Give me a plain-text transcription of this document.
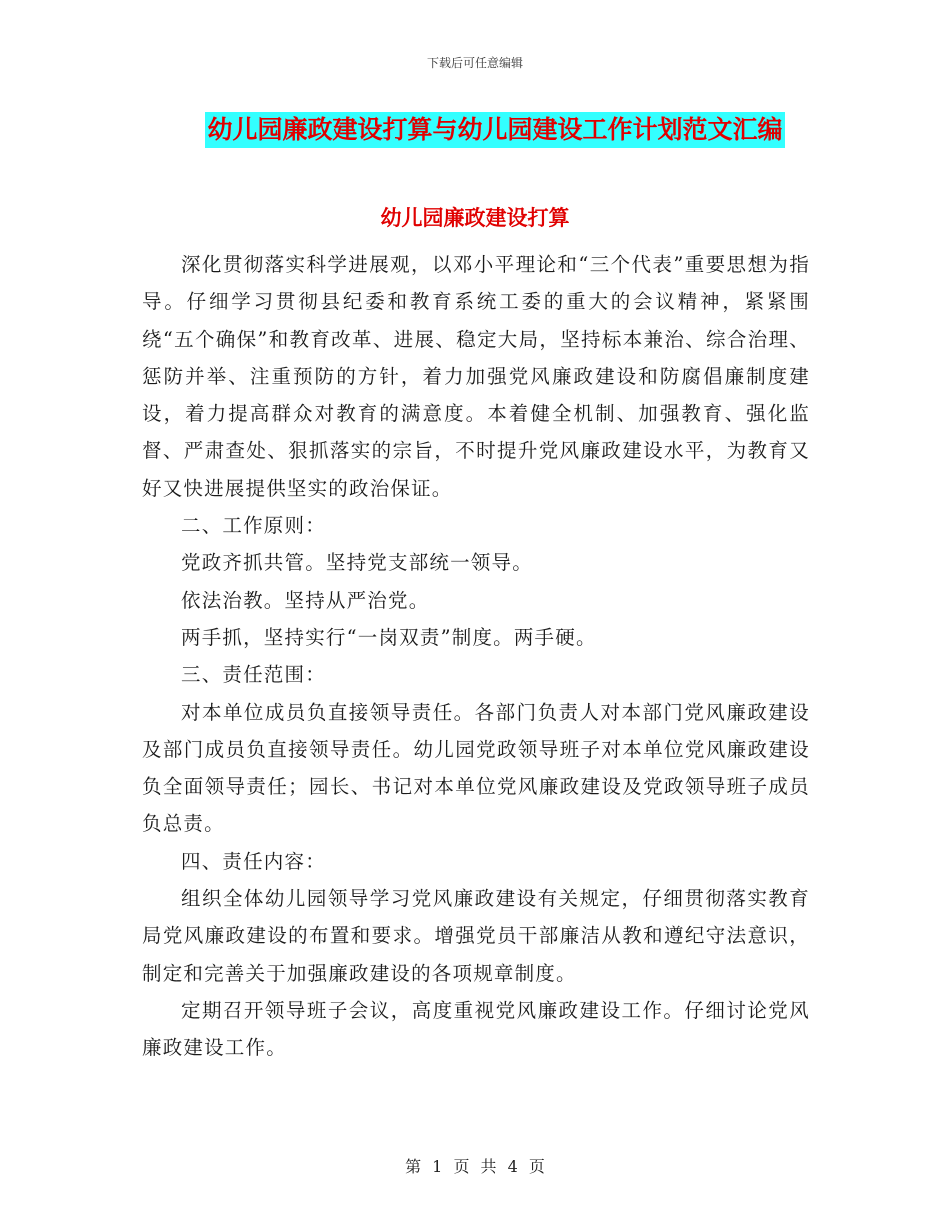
下载后可任意编辑
幼儿园廉政建设打算与幼儿园建设工作计划范文汇编
幼儿园廉政建设打算

深化贯彻落实科学进展观，以邓小平理论和“三个代表”重要思想为指导。仔细学习贯彻县纪委和教育系统工委的重大的会议精神，紧紧围绕“五个确保”和教育改革、进展、稳定大局，坚持标本兼治、综合治理、惩防并举、注重预防的方针，着力加强党风廉政建设和防腐倡廉制度建设，着力提高群众对教育的满意度。本着健全机制、加强教育、强化监督、严肃查处、狠抓落实的宗旨，不时提升党风廉政建设水平，为教育又好又快进展提供坚实的政治保证。

二、工作原则：

党政齐抓共管。坚持党支部统一领导。

依法治教。坚持从严治党。

两手抓，坚持实行“一岗双责”制度。两手硬。

三、责任范围：

对本单位成员负直接领导责任。各部门负责人对本部门党风廉政建设及部门成员负直接领导责任。幼儿园党政领导班子对本单位党风廉政建设负全面领导责任；园长、书记对本单位党风廉政建设及党政领导班子成员负总责。

四、责任内容：

组织全体幼儿园领导学习党风廉政建设有关规定，仔细贯彻落实教育局党风廉政建设的布置和要求。增强党员干部廉洁从教和遵纪守法意识，制定和完善关于加强廉政建设的各项规章制度。

定期召开领导班子会议，高度重视党风廉政建设工作。仔细讨论党风廉政建设工作。

第 1 页 共 4 页
